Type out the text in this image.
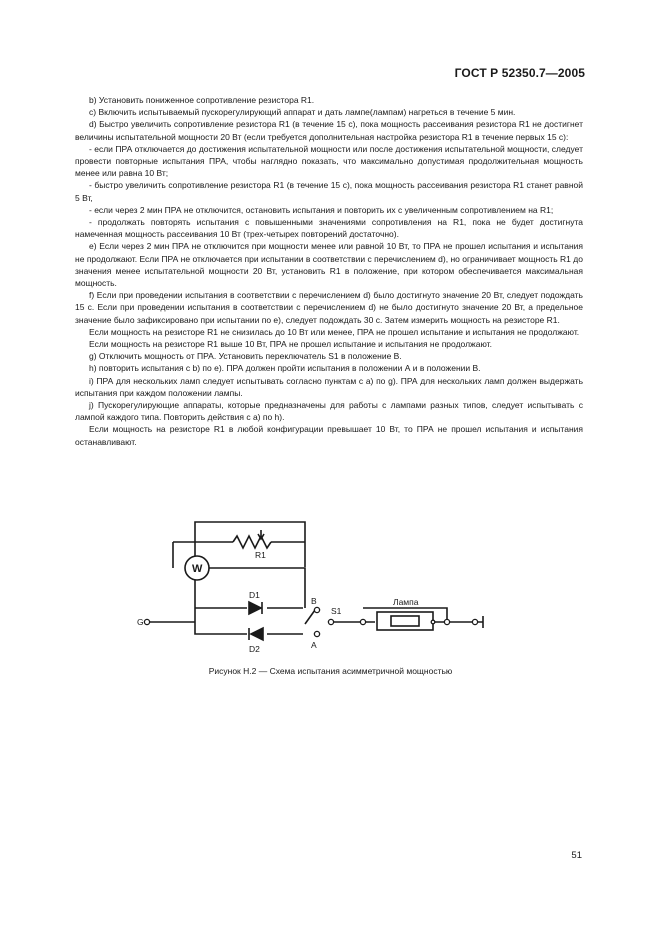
ГОСТ Р 52350.7—2005

b) Установить пониженное сопротивление резистора R1.

c) Включить испытываемый пускорегулирующий аппарат и дать лампе(лампам) нагреться в течение 5 мин.

d) Быстро увеличить сопротивление резистора R1 (в течение 15 с), пока мощность рассеивания резистора R1 не достигнет величины испытательной мощности 20 Вт (если требуется дополнительная настройка резистора R1 в течение первых 15 с):

- если ПРА отключается до достижения испытательной мощности или после достижения испытательной мощности, следует провести повторные испытания ПРА, чтобы наглядно показать, что максимально допустимая продолжительная мощность менее или равна 10 Вт;

- быстро увеличить сопротивление резистора R1 (в течение 15 с), пока мощность рассеивания резистора R1 станет равной 5 Вт,

- если через 2 мин ПРА не отключится, остановить испытания и повторить их с увеличенным сопротивлением на R1;

- продолжать повторять испытания с повышенными значениями сопротивления на R1, пока не будет достигнута намеченная мощность рассеивания 10 Вт (трех-четырех повторений достаточно).

e) Если через 2 мин ПРА не отключится при мощности менее или равной 10 Вт, то ПРА не прошел испытания и испытания не продолжают. Если ПРА не отключается при испытании в соответствии с перечислением d), но ограничивает мощность R1 до значения менее испытательной мощности 20 Вт, установить R1 в положение, при котором обеспечивается максимальная мощность.

f) Если при проведении испытания в соответствии с перечислением d) было достигнуто значение 20 Вт, следует подождать 15 с. Если при проведении испытания в соответствии с перечислением d) не было достигнуто значение 20 Вт, а предельное значение было зафиксировано при испытании по е), следует подождать 30 с. Затем измерить мощность на резисторе R1.

Если мощность на резисторе R1 не снизилась до 10 Вт или менее, ПРА не прошел испытание и испытания не продолжают.

Если мощность на резисторе R1 выше 10 Вт, ПРА не прошел испытание и испытания не продолжают.

g) Отключить мощность от ПРА. Установить переключатель S1 в положение В.

h) повторить испытания с b) по е). ПРА должен пройти испытания в положении А и в положении В.

i) ПРА для нескольких ламп следует испытывать согласно пунктам с а) по g). ПРА для нескольких ламп должен выдержать испытания при каждом положении лампы.

j) Пускорегулирующие аппараты, которые предназначены для работы с лампами разных типов, следует испытывать с лампой каждого типа. Повторить действия с а) по h).

Если мощность на резисторе R1 в любой конфигурации превышает 10 Вт, то ПРА не прошел испытания и испытания останавливают.

R1
W
D1
D2
B
A
S1
G
Лампа
Рисунок Н.2 — Схема испытания асимметричной мощностью
51
